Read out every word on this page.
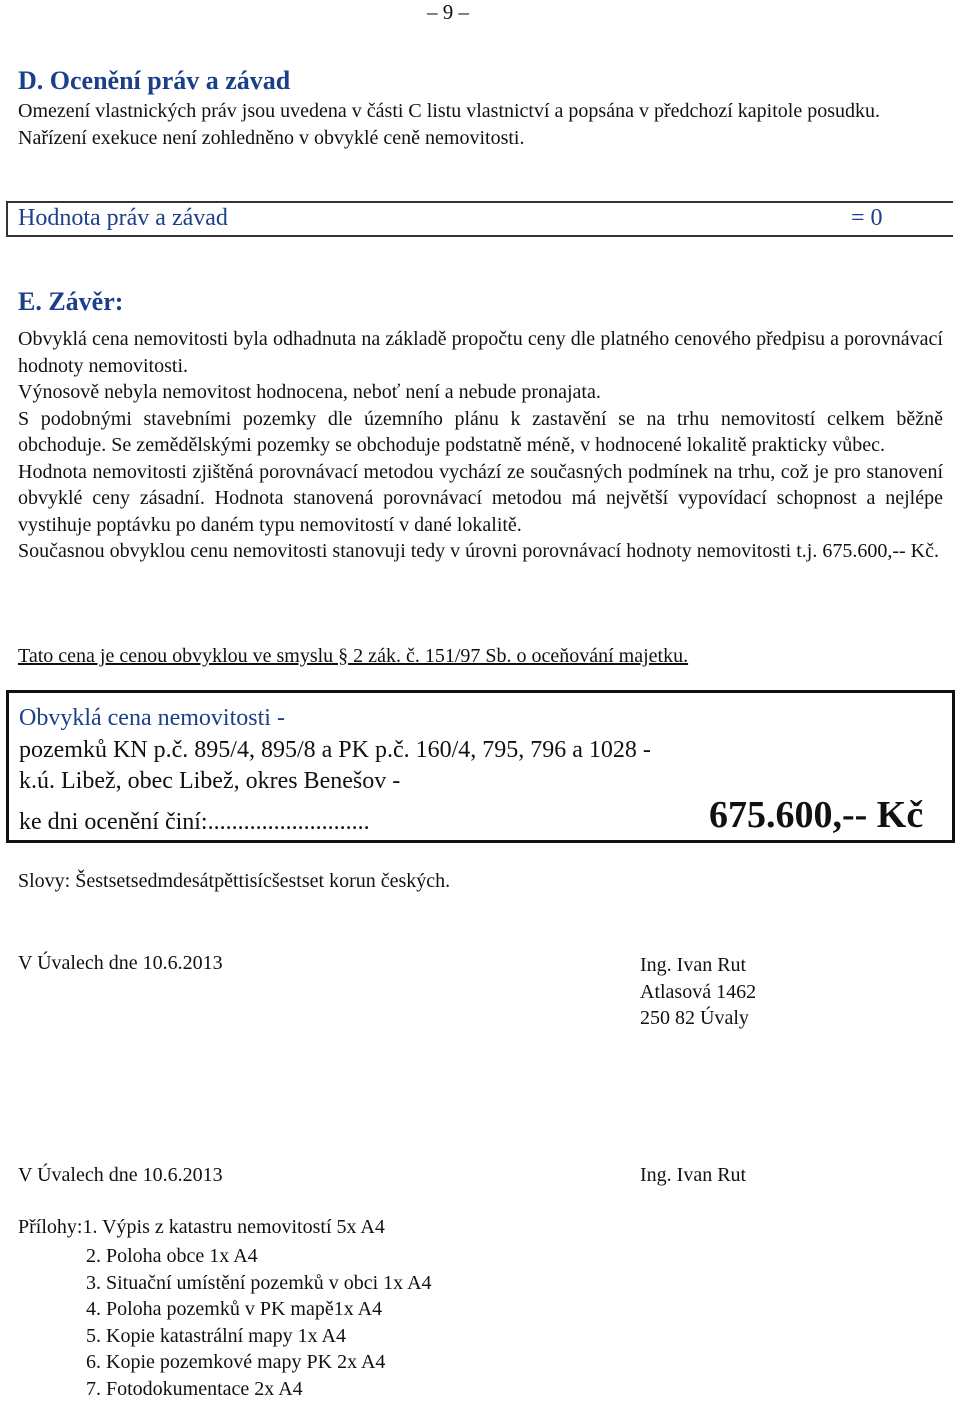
– 9 –
D. Ocenění práv a závad
Omezení vlastnických práv jsou uvedena v části C listu vlastnictví a popsána v předchozí kapitole posudku.
Nařízení exekuce není zohledněno v obvyklé ceně nemovitosti.
Hodnota práv a závad	= 0
E. Závěr:

Obvyklá cena nemovitosti byla odhadnuta na základě propočtu ceny dle platného cenového předpisu a porovnávací hodnoty nemovitosti.

Výnosově nebyla nemovitost hodnocena, neboť není a nebude pronajata.

S podobnými stavebními pozemky dle územního plánu k zastavění se na trhu nemovitostí celkem běžně obchoduje. Se zemědělskými pozemky se obchoduje podstatně méně, v hodnocené lokalitě prakticky vůbec.

Hodnota nemovitosti zjištěná porovnávací metodou vychází ze současných podmínek na trhu, což je pro stanovení obvyklé ceny zásadní. Hodnota stanovená porovnávací metodou má největší vypovídací schopnost a nejlépe vystihuje poptávku po daném typu nemovitostí v dané lokalitě.

Současnou obvyklou cenu nemovitosti stanovuji tedy v úrovni porovnávací hodnoty nemovitosti t.j. 675.600,-- Kč.

Tato cena je cenou obvyklou ve smyslu § 2 zák. č. 151/97 Sb. o oceňování majetku.
Obvyklá cena nemovitosti -
pozemků KN p.č. 895/4, 895/8 a PK p.č. 160/4, 795, 796 a 1028 -
k.ú. Libež, obec Libež, okres Benešov -
ke dni ocenění činí:...........................	675.600,-- Kč
Slovy: Šestsetsedmdesátpěttisícšestset korun českých.
V Úvalech dne 10.6.2013	Ing. Ivan Rut
Atlasová 1462
250 82 Úvaly
V Úvalech dne 10.6.2013	Ing. Ivan Rut
Přílohy:1. Výpis z katastru nemovitostí 5x A4
2. Poloha obce 1x A4
3. Situační umístění pozemků v obci 1x A4
4. Poloha pozemků v PK mapě1x A4
5. Kopie katastrální mapy 1x A4
6. Kopie pozemkové mapy PK 2x A4
7. Fotodokumentace 2x A4
